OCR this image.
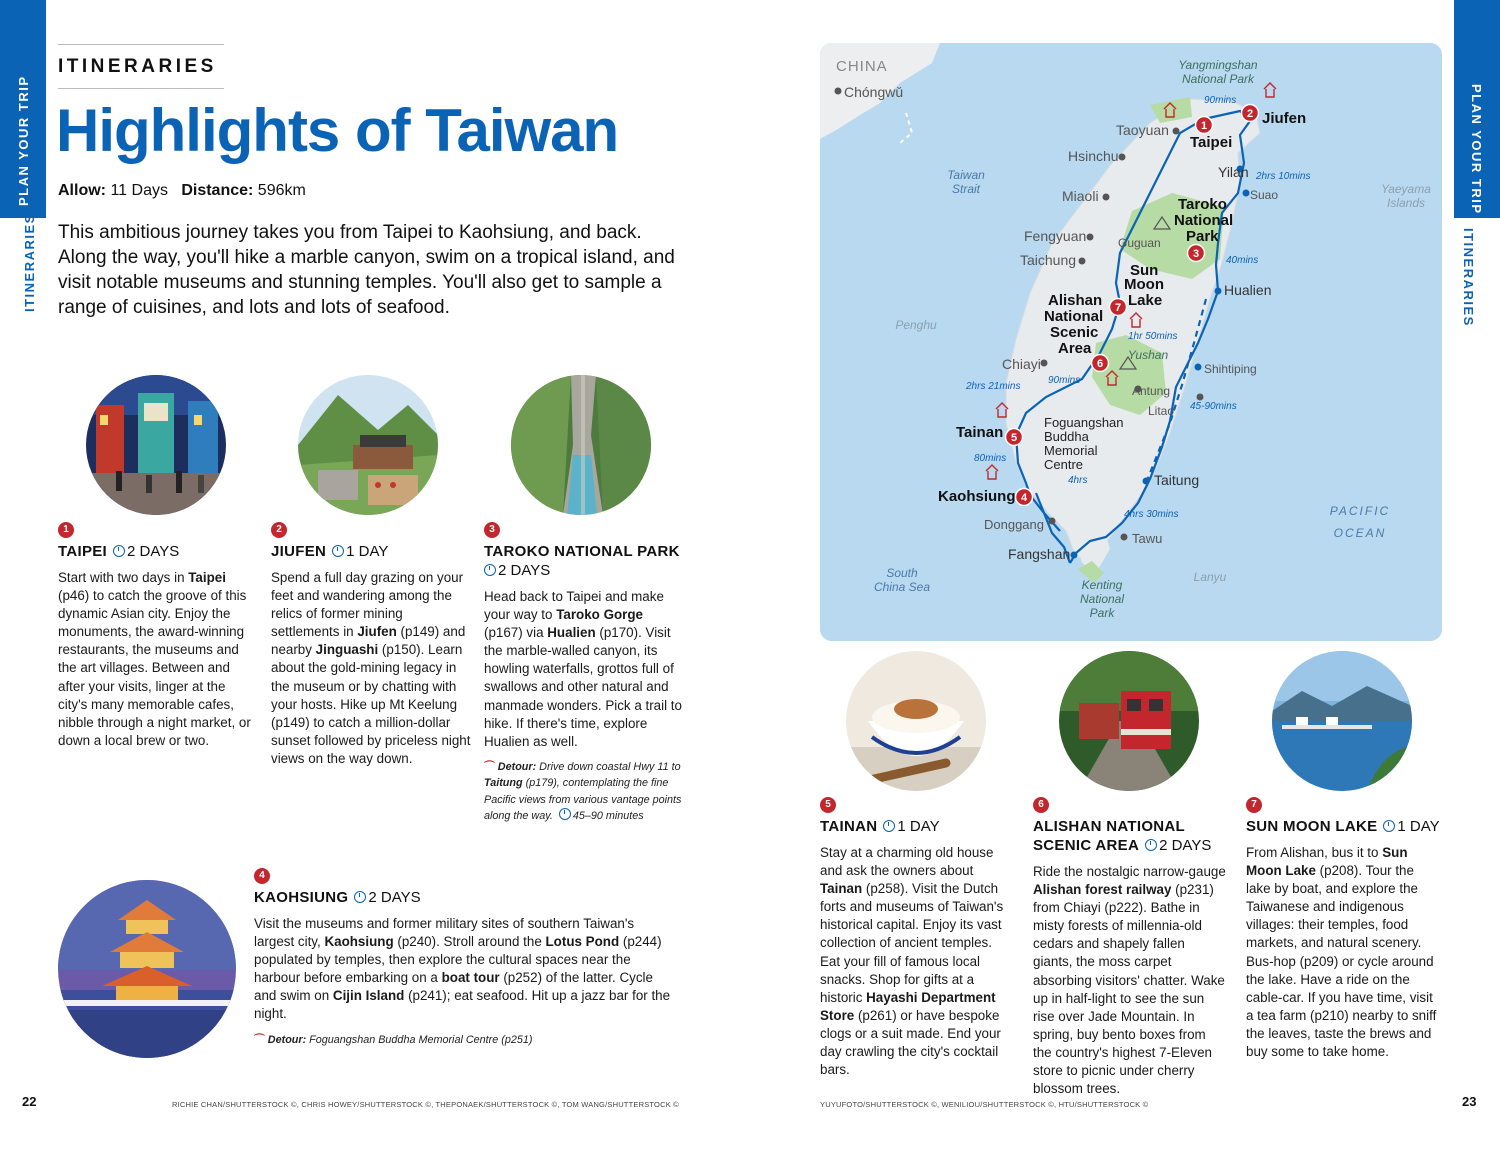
PLAN YOUR TRIP
ITINERARIES
PLAN YOUR TRIP
ITINERARIES
ITINERARIES
Highlights of Taiwan
Allow: 11 Days Distance: 596km

This ambitious journey takes you from Taipei to Kaohsiung, and back. Along the way, you'll hike a marble canyon, swim on a tropical island, and visit notable museums and stunning temples. You'll also get to sample a range of cuisines, and lots and lots of seafood.

1
TAIPEI 2 DAYS
Start with two days in Taipei (p46) to catch the groove of this dynamic Asian city. Enjoy the monuments, the award-winning restaurants, the museums and the art villages. Between and after your visits, linger at the city's many memorable cafes, nibble through a night market, or down a local brew or two.
2
JIUFEN 1 DAY
Spend a full day grazing on your feet and wandering among the relics of former mining settlements in Jiufen (p149) and nearby Jinguashi (p150). Learn about the gold-mining legacy in the museum or by chatting with your hosts. Hike up Mt Keelung (p149) to catch a million-dollar sunset followed by priceless night views on the way down.
3
TAROKO NATIONAL PARK
2 DAYS
Head back to Taipei and make your way to Taroko Gorge (p167) via Hualien (p170). Visit the marble-walled canyon, its howling waterfalls, grottos full of swallows and other natural and manmade wonders. Pick a trail to hike. If there's time, explore Hualien as well.
⌒ Detour: Drive down coastal Hwy 11 to Taitung (p179), contemplating the fine Pacific views from various vantage points along the way. 45–90 minutes
4
KAOHSIUNG 2 DAYS
Visit the museums and former military sites of southern Taiwan's largest city, Kaohsiung (p240). Stroll around the Lotus Pond (p244) populated by temples, then explore the cultural spaces near the harbour before embarking on a boat tour (p252) of the latter. Cycle and swim on Cijin Island (p241); eat seafood. Hit up a jazz bar for the night.
⌒ Detour: Foguangshan Buddha Memorial Centre (p251)
5
TAINAN 1 DAY
Stay at a charming old house and ask the owners about Tainan (p258). Visit the Dutch forts and museums of Taiwan's historical capital. Enjoy its vast collection of ancient temples. Eat your fill of famous local snacks. Shop for gifts at a historic Hayashi Department Store (p261) or have bespoke clogs or a suit made. End your day crawling the city's cocktail bars.
6
ALISHAN NATIONAL SCENIC AREA 2 DAYS
Ride the nostalgic narrow-gauge Alishan forest railway (p231) from Chiayi (p222). Bathe in misty forests of millennia-old cedars and shapely fallen giants, the moss carpet absorbing visitors' chatter. Wake up in half-light to see the sun rise over Jade Mountain. In spring, buy bento boxes from the country's highest 7-Eleven store to picnic under cherry blossom trees.
7
SUN MOON LAKE 1 DAY
From Alishan, bus it to Sun Moon Lake (p208). Tour the lake by boat, and explore the Taiwanese and indigenous villages: their temples, food markets, and natural scenery. Bus-hop (p209) or cycle around the lake. Have a ride on the cable-car. If you have time, visit a tea farm (p210) nearby to sniff the leaves, taste the brews and buy some to take home.
1
2
3
4
5
6
7
CHINA
Chóngwǔ
Taoyuan
Hsinchu
Miaoli
Fengyuan
Taichung
Guguan
Chiayi
Antung
Litao
Shihtiping
Donggang
Tawu
Suao
Yilan
Hualien
Taitung
Fangshan
Taipei
Jiufen
Taroko
National
Park
Sun
Moon
Lake
Alishan
National
Scenic
Area
Tainan
Kaohsiung
Foguangshan
Buddha
Memorial
Centre
Yangmingshan
National Park
Yushan
Kenting
National
Park
Taiwan
Strait
Penghu
Yaeyama
Islands
PACIFIC
OCEAN
South
China Sea
Lanyu
90mins
2hrs 10mins
40mins
1hr 50mins
2hrs 21mins
90mins
45-90mins
80mins
4hrs
4hrs 30mins
22	RICHIE CHAN/SHUTTERSTOCK ©, CHRIS HOWEY/SHUTTERSTOCK ©, THEPONAEK/SHUTTERSTOCK ©, TOM WANG/SHUTTERSTOCK ©	YUYUFOTO/SHUTTERSTOCK ©, WENILIOU/SHUTTERSTOCK ©, HTU/SHUTTERSTOCK ©	23
